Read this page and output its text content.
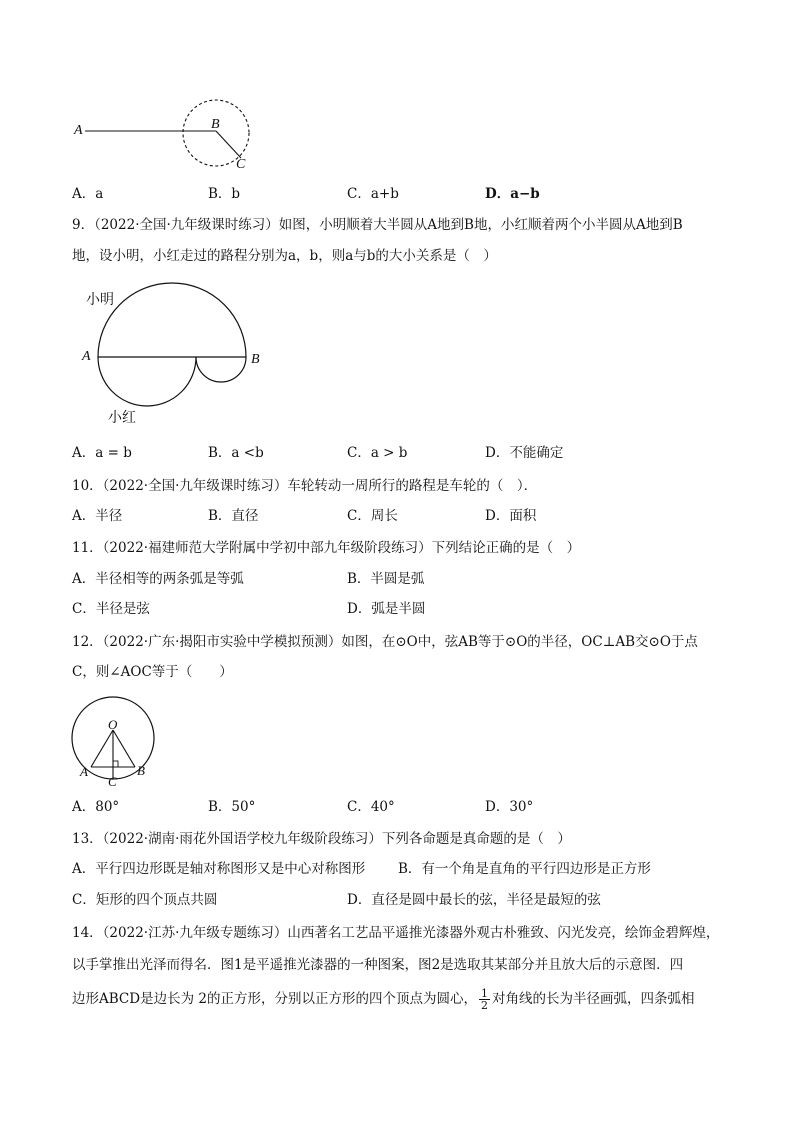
A	B
C
A．a	B．b	C．a+b	D．a−b
9．（2022·全国·九年级课时练习）如图，小明顺着大半圆从A地到B地，小红顺着两个小半圆从A地到B
地，设小明，小红走过的路程分别为a，b，则a与b的大小关系是（　）
小明
A	B
小红
A．a = b	B．a <b	C．a > b	D．不能确定
10．（2022·全国·九年级课时练习）车轮转动一周所行的路程是车轮的（　）．
A．半径	B．直径	C．周长	D．面积
11．（2022·福建师范大学附属中学初中部九年级阶段练习）下列结论正确的是（　）
A．半径相等的两条弧是等弧	B．半圆是弧
C．半径是弦	D．弧是半圆
12．（2022·广东·揭阳市实验中学模拟预测）如图，在⊙O中，弦AB等于⊙O的半径，OC⊥AB交⊙O于点
C，则∠AOC等于（　　）
O
A	B
C
A．80°	B．50°	C．40°	D．30°
13．（2022·湖南·雨花外国语学校九年级阶段练习）下列各命题是真命题的是（　）
A．平行四边形既是轴对称图形又是中心对称图形 B．有一个角是直角的平行四边形是正方形
C．矩形的四个顶点共圆	D．直径是圆中最长的弦，半径是最短的弦
14．（2022·江苏·九年级专题练习）山西著名工艺品平遥推光漆器外观古朴雅致、闪光发亮，绘饰金碧辉煌，
以手掌推出光泽而得名．图1是平遥推光漆器的一种图案，图2是选取其某部分并且放大后的示意图．四
边形ABCD是边长为 2的正方形，分别以正方形的四个顶点为圆心， $\frac{1}{2}$ 对角线的长为半径画弧，四条弧相
